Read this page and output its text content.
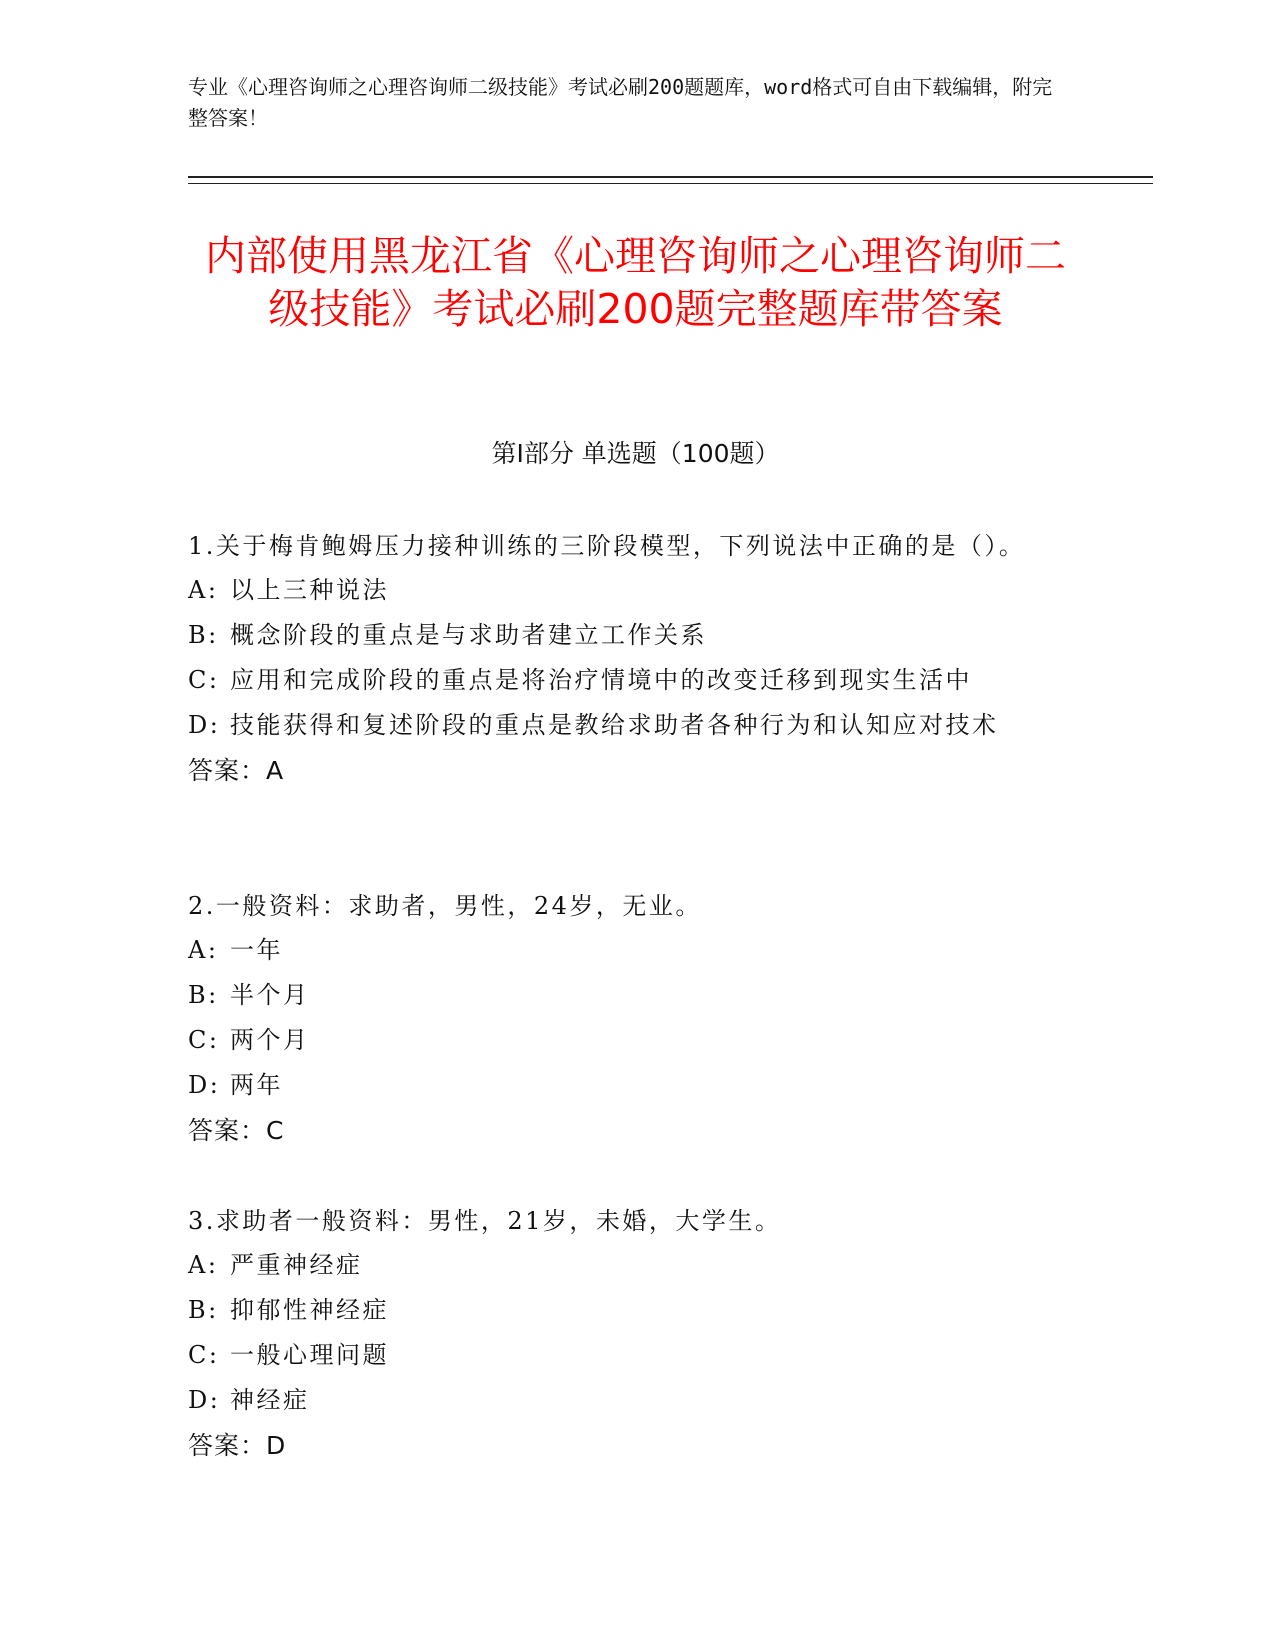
专业《心理咨询师之心理咨询师二级技能》考试必刷200题题库，word格式可自由下载编辑，附完整答案！
内部使用黑龙江省《心理咨询师之心理咨询师二级技能》考试必刷200题完整题库带答案
第I部分 单选题（100题）
1.关于梅肯鲍姆压力接种训练的三阶段模型，下列说法中正确的是（）。
A: 以上三种说法
B: 概念阶段的重点是与求助者建立工作关系
C: 应用和完成阶段的重点是将治疗情境中的改变迁移到现实生活中
D: 技能获得和复述阶段的重点是教给求助者各种行为和认知应对技术
答案：A
2.一般资料：求助者，男性，24岁，无业。
A: 一年
B: 半个月
C: 两个月
D: 两年
答案：C
3.求助者一般资料：男性，21岁，未婚，大学生。
A: 严重神经症
B: 抑郁性神经症
C: 一般心理问题
D: 神经症
答案：D
